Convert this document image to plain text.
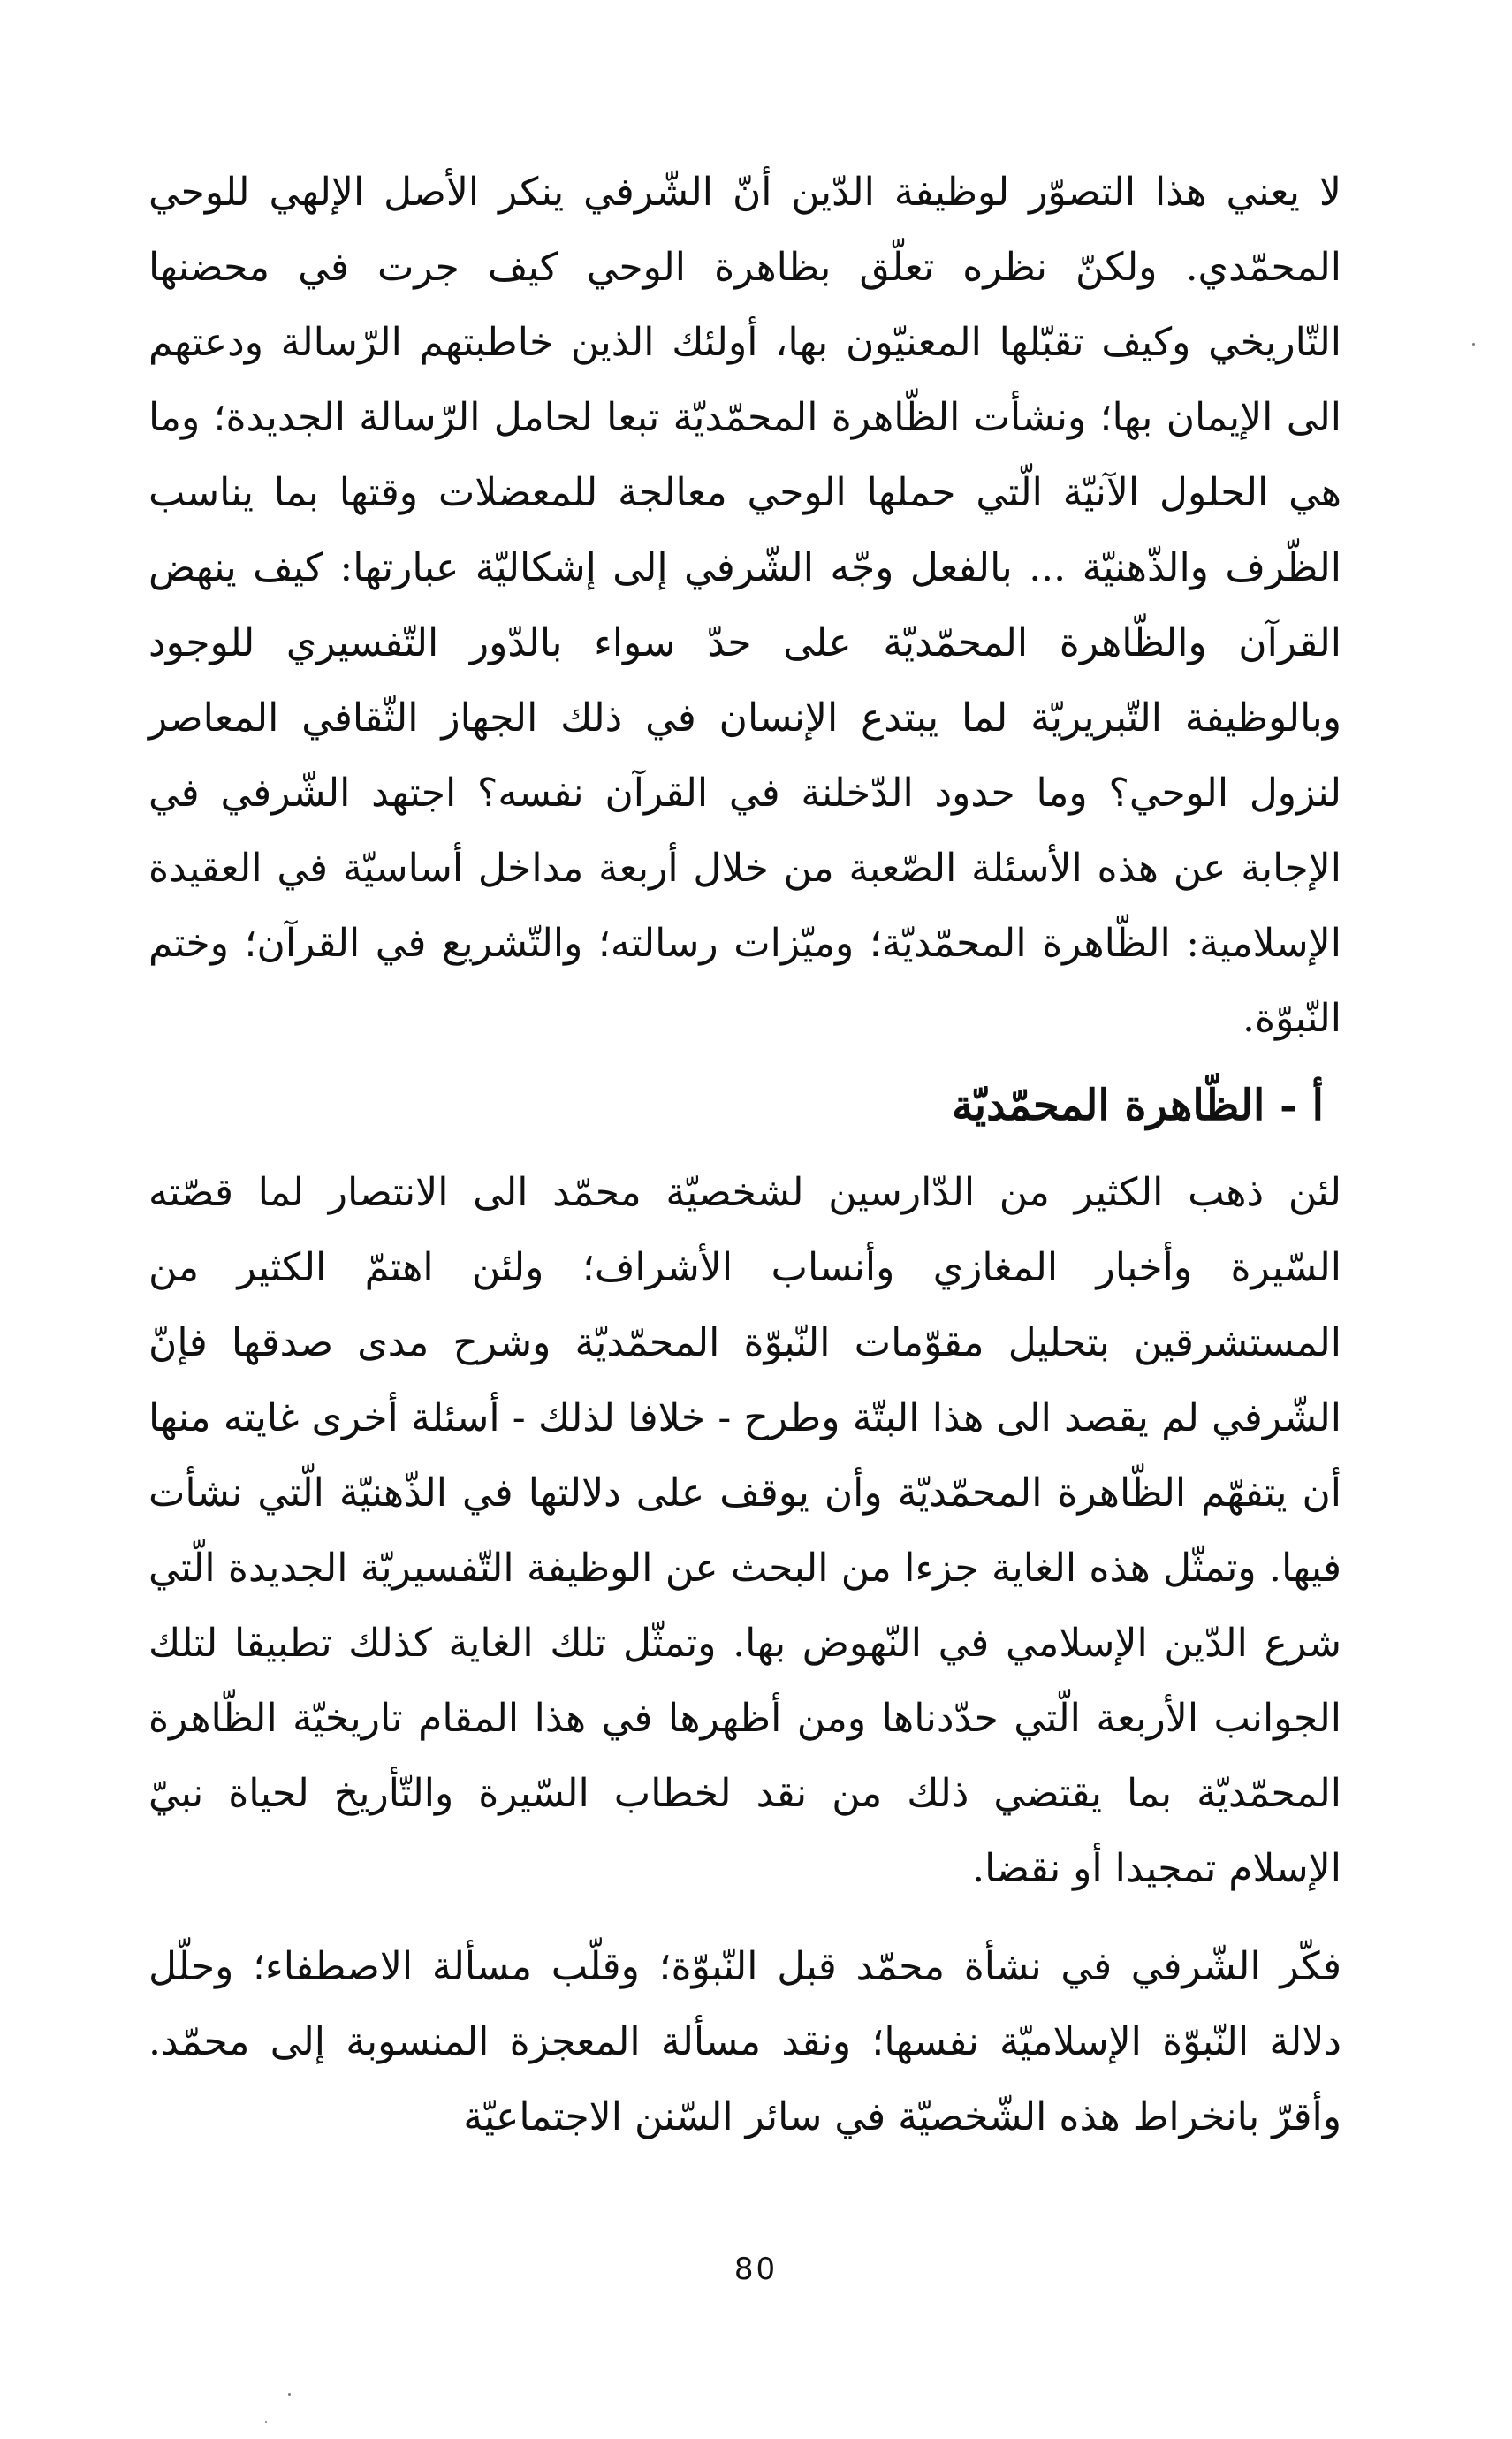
لا يعني هذا التصوّر لوظيفة الدّين أنّ الشّرفي ينكر الأصل الإلهي للوحي المحمّدي. ولكنّ نظره تعلّق بظاهرة الوحي كيف جرت في محضنها التّاريخي وكيف تقبّلها المعنيّون بها، أولئك الذين خاطبتهم الرّسالة ودعتهم الى الإيمان بها؛ ونشأت الظّاهرة المحمّديّة تبعا لحامل الرّسالة الجديدة؛ وما هي الحلول الآنيّة الّتي حملها الوحي معالجة للمعضلات وقتها بما يناسب الظّرف والذّهنيّة ... بالفعل وجّه الشّرفي إلى إشكاليّة عبارتها: كيف ينهض القرآن والظّاهرة المحمّديّة على حدّ سواء بالدّور التّفسيري للوجود وبالوظيفة التّبريريّة لما يبتدع الإنسان في ذلك الجهاز الثّقافي المعاصر لنزول الوحي؟ وما حدود الدّخلنة في القرآن نفسه؟ اجتهد الشّرفي في الإجابة عن هذه الأسئلة الصّعبة من خلال أربعة مداخل أساسيّة في العقيدة الإسلامية: الظّاهرة المحمّديّة؛ وميّزات رسالته؛ والتّشريع في القرآن؛ وختم النّبوّة.

أ - الظّاهرة المحمّديّة

لئن ذهب الكثير من الدّارسين لشخصيّة محمّد الى الانتصار لما قصّته السّيرة وأخبار المغازي وأنساب الأشراف؛ ولئن اهتمّ الكثير من المستشرقين بتحليل مقوّمات النّبوّة المحمّديّة وشرح مدى صدقها فإنّ الشّرفي لم يقصد الى هذا البتّة وطرح - خلافا لذلك - أسئلة أخرى غايته منها أن يتفهّم الظّاهرة المحمّديّة وأن يوقف على دلالتها في الذّهنيّة الّتي نشأت فيها. وتمثّل هذه الغاية جزءا من البحث عن الوظيفة التّفسيريّة الجديدة الّتي شرع الدّين الإسلامي في النّهوض بها. وتمثّل تلك الغاية كذلك تطبيقا لتلك الجوانب الأربعة الّتي حدّدناها ومن أظهرها في هذا المقام تاريخيّة الظّاهرة المحمّديّة بما يقتضي ذلك من نقد لخطاب السّيرة والتّأريخ لحياة نبيّ الإسلام تمجيدا أو نقضا.

فكّر الشّرفي في نشأة محمّد قبل النّبوّة؛ وقلّب مسألة الاصطفاء؛ وحلّل دلالة النّبوّة الإسلاميّة نفسها؛ ونقد مسألة المعجزة المنسوبة إلى محمّد. وأقرّ بانخراط هذه الشّخصيّة في سائر السّنن الاجتماعيّة

80
